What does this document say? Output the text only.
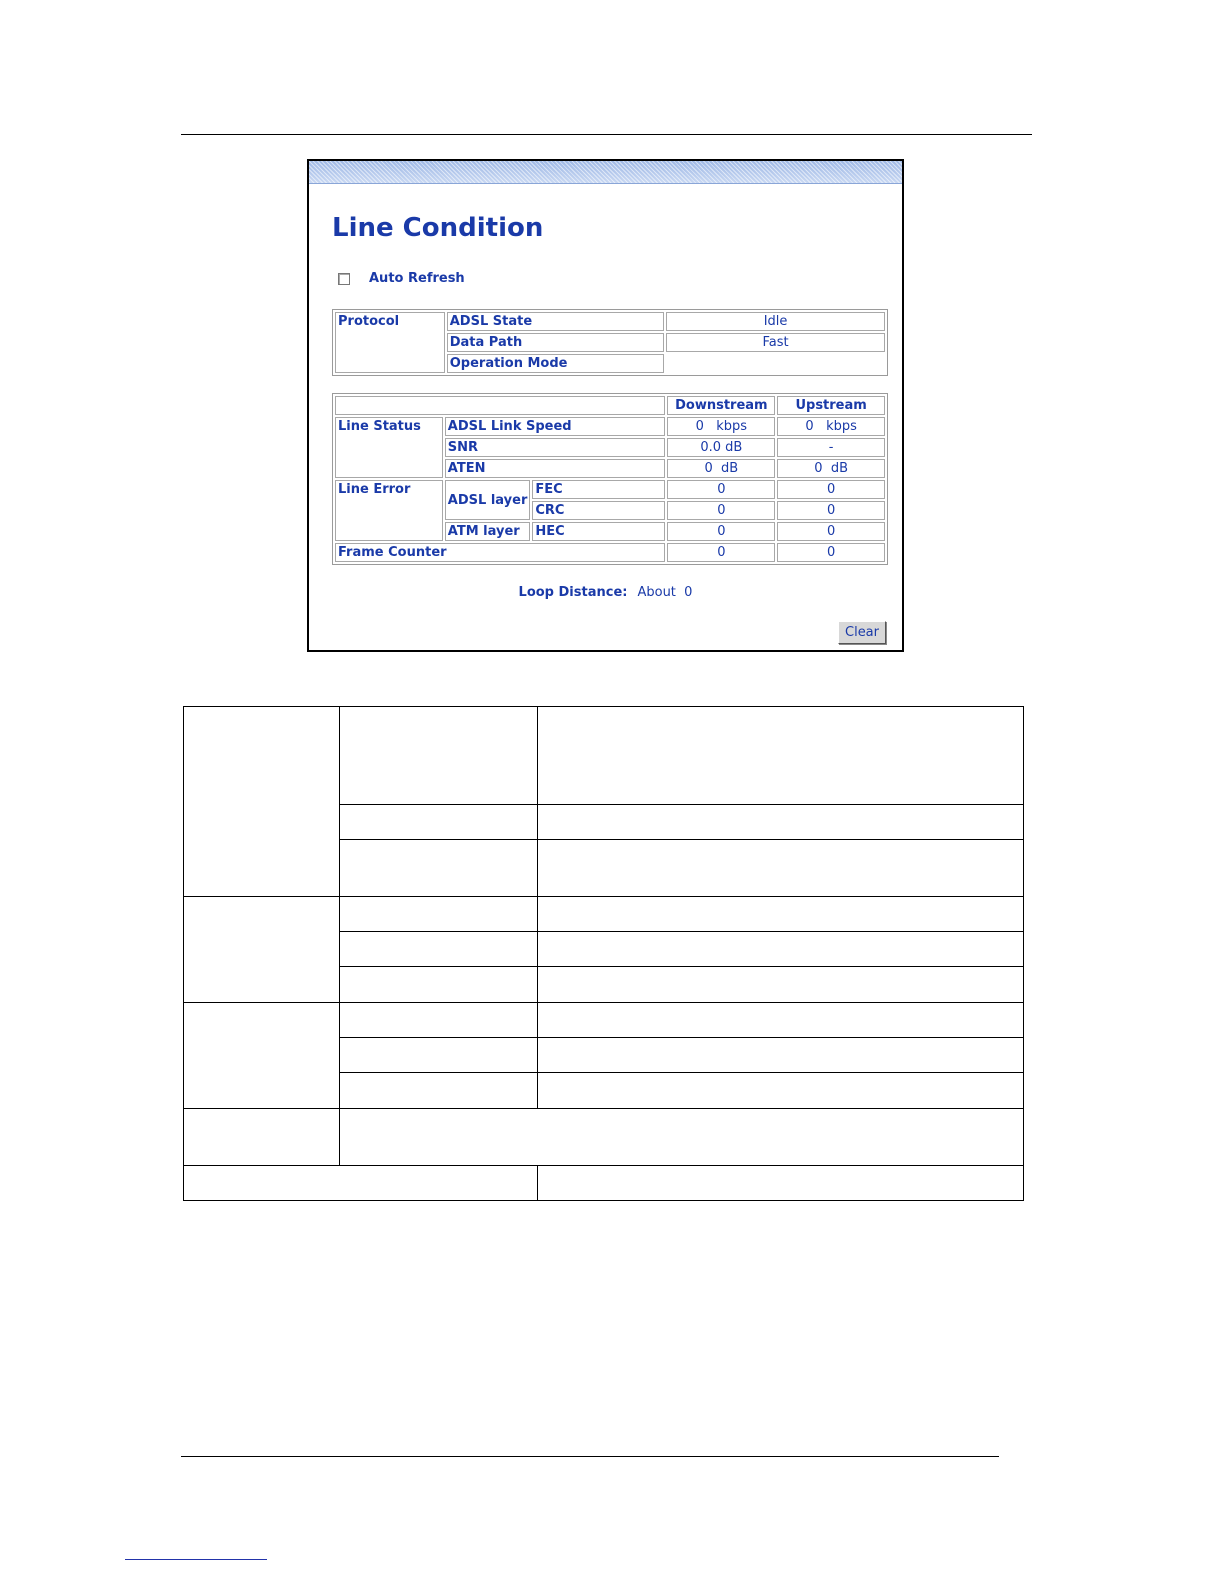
Line Condition
Auto Refresh
Protocol	ADSL State	Idle
	Data Path	Fast
	Operation Mode	
			Downstream	Upstream
Line Status	ADSL Link Speed		0   kbps	0   kbps
	SNR		0.0 dB	-
	ATEN		0  dB	0  dB
Line Error	ADSL layer	FEC	0	0
		CRC	0	0
	ATM layer	HEC	0	0
Frame Counter			0	0
Loop Distance: About  0
Clear
